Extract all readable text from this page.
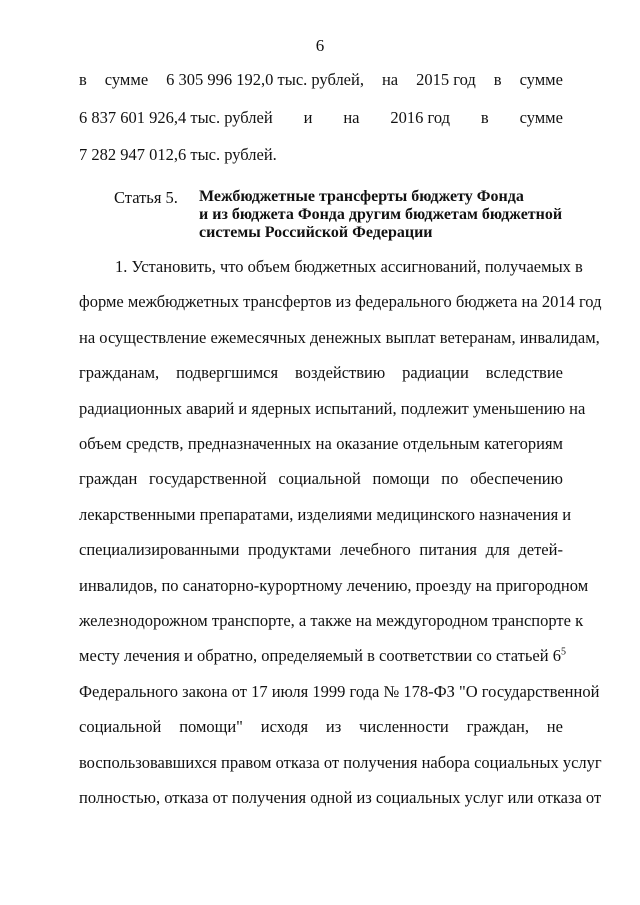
6
в сумме 6 305 996 192,0 тыс. рублей, на 2015 год в сумме
6 837 601 926,4 тыс. рублей и на 2016 год в сумме
7 282 947 012,6 тыс. рублей.
Статья 5. Межбюджетные трансферты бюджету Фонда
и из бюджета Фонда другим бюджетам бюджетной
системы Российской Федерации
1. Установить, что объем бюджетных ассигнований, получаемых в
форме межбюджетных трансфертов из федерального бюджета на 2014 год
на осуществление ежемесячных денежных выплат ветеранам, инвалидам,
гражданам, подвергшимся воздействию радиации вследствие
радиационных аварий и ядерных испытаний, подлежит уменьшению на
объем средств, предназначенных на оказание отдельным категориям
граждан государственной социальной помощи по обеспечению
лекарственными препаратами, изделиями медицинского назначения и
специализированными продуктами лечебного питания для детей-
инвалидов, по санаторно-курортному лечению, проезду на пригородном
железнодорожном транспорте, а также на междугородном транспорте к
месту лечения и обратно, определяемый в соответствии со статьей $6^5$
Федерального закона от 17 июля 1999 года № 178-ФЗ "О государственной
социальной помощи" исходя из численности граждан, не
воспользовавшихся правом отказа от получения набора социальных услуг
полностью, отказа от получения одной из социальных услуг или отказа от
